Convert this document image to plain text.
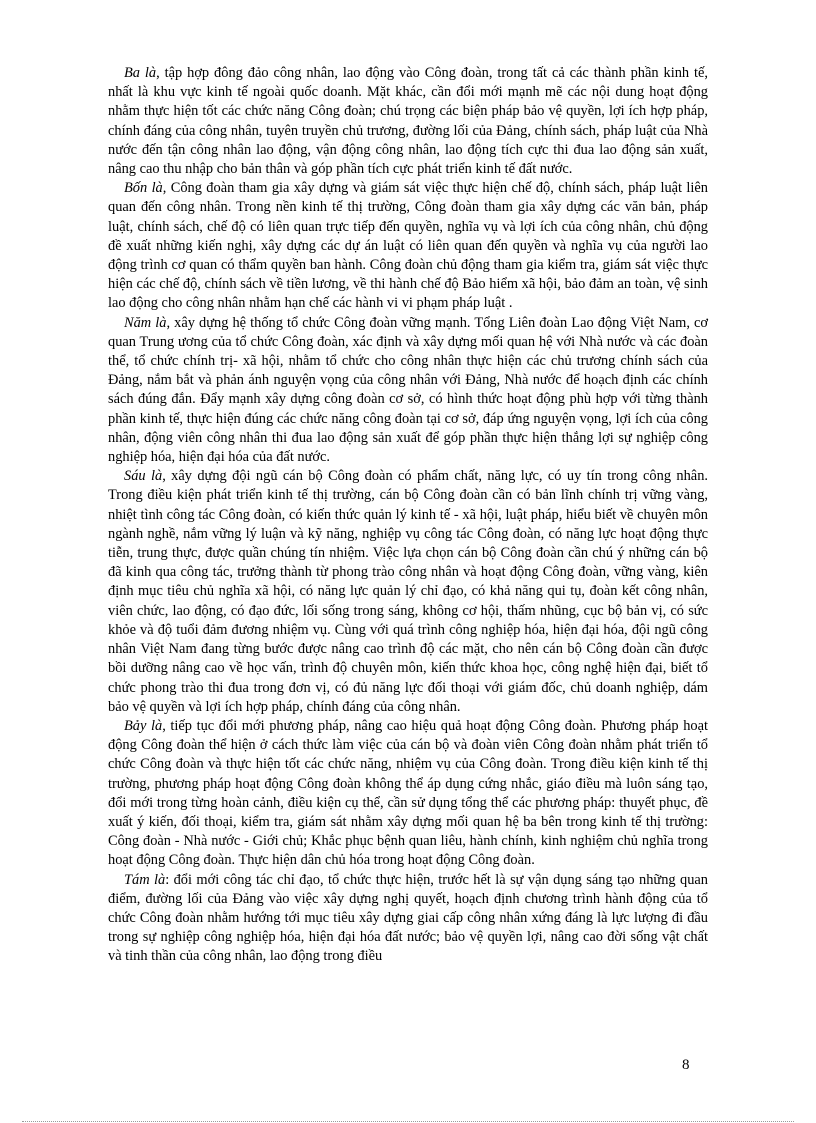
Ba là, tập hợp đông đảo công nhân, lao động vào Công đoàn, trong tất cả các thành phần kinh tế, nhất là khu vực kinh tế ngoài quốc doanh. Mặt khác, cần đổi mới mạnh mẽ các nội dung hoạt động nhằm thực hiện tốt các chức năng Công đoàn; chú trọng các biện pháp bảo vệ quyền, lợi ích hợp pháp, chính đáng của công nhân, tuyên truyền chủ trương, đường lối của Đảng, chính sách, pháp luật của Nhà nước đến tận công nhân lao động, vận động công nhân, lao động tích cực thi đua lao động sản xuất, nâng cao thu nhập cho bản thân và góp phần tích cực phát triển kinh tế đất nước.

Bốn là, Công đoàn tham gia xây dựng và giám sát việc thực hiện chế độ, chính sách, pháp luật liên quan đến công nhân. Trong nền kinh tế thị trường, Công đoàn tham gia xây dựng các văn bản, pháp luật, chính sách, chế độ có liên quan trực tiếp đến quyền, nghĩa vụ và lợi ích của công nhân, chủ động đề xuất những kiến nghị, xây dựng các dự án luật có liên quan đến quyền và nghĩa vụ của người lao động trình cơ quan có thẩm quyền ban hành. Công đoàn chủ động tham gia kiểm tra, giám sát việc thực hiện các chế độ, chính sách về tiền lương, về thi hành chế độ Bảo hiểm xã hội, bảo đảm an toàn, vệ sinh lao động cho công nhân nhằm hạn chế các hành vi vi phạm pháp luật .

Năm là, xây dựng hệ thống tổ chức Công đoàn vững mạnh. Tổng Liên đoàn Lao động Việt Nam, cơ quan Trung ương của tổ chức Công đoàn, xác định và xây dựng mối quan hệ với Nhà nước và các đoàn thể, tổ chức chính trị- xã hội, nhằm tổ chức cho công nhân thực hiện các chủ trương chính sách của Đảng, nắm bắt và phản ánh nguyện vọng của công nhân với Đảng, Nhà nước để hoạch định các chính sách đúng đắn. Đẩy mạnh xây dựng công đoàn cơ sở, có hình thức hoạt động phù hợp với từng thành phần kinh tế, thực hiện đúng các chức năng công đoàn tại cơ sở, đáp ứng nguyện vọng, lợi ích của công nhân, động viên công nhân thi đua lao động sản xuất để góp phần thực hiện thắng lợi sự nghiệp công nghiệp hóa, hiện đại hóa của đất nước.

Sáu là, xây dựng đội ngũ cán bộ Công đoàn có phẩm chất, năng lực, có uy tín trong công nhân. Trong điều kiện phát triển kinh tế thị trường, cán bộ Công đoàn cần có bản lĩnh chính trị vững vàng, nhiệt tình công tác Công đoàn, có kiến thức quản lý kinh tế - xã hội, luật pháp, hiểu biết về chuyên môn ngành nghề, nắm vững lý luận và kỹ năng, nghiệp vụ công tác Công đoàn, có năng lực hoạt động thực tiễn, trung thực, được quần chúng tín nhiệm. Việc lựa chọn cán bộ Công đoàn cần chú ý những cán bộ đã kinh qua công tác, trưởng thành từ phong trào công nhân và hoạt động Công đoàn, vững vàng, kiên định mục tiêu chủ nghĩa xã hội, có năng lực quản lý chỉ đạo, có khả năng qui tụ, đoàn kết công nhân, viên chức, lao động, có đạo đức, lối sống trong sáng, không cơ hội, thấm nhũng, cục bộ bản vị, có sức khỏe và độ tuổi đảm đương nhiệm vụ. Cùng với quá trình công nghiệp hóa, hiện đại hóa, đội ngũ công nhân Việt Nam đang từng bước được nâng cao trình độ các mặt, cho nên cán bộ Công đoàn cần được bồi dưỡng nâng cao về học vấn, trình độ chuyên môn, kiến thức khoa học, công nghệ hiện đại, biết tổ chức phong trào thi đua trong đơn vị, có đủ năng lực đối thoại với giám đốc, chủ doanh nghiệp, dám bảo vệ quyền và lợi ích hợp pháp, chính đáng của công nhân.

Bảy là, tiếp tục đổi mới phương pháp, nâng cao hiệu quả hoạt động Công đoàn. Phương pháp hoạt động Công đoàn thể hiện ở cách thức làm việc của cán bộ và đoàn viên Công đoàn nhằm phát triển tổ chức Công đoàn và thực hiện tốt các chức năng, nhiệm vụ của Công đoàn. Trong điều kiện kinh tế thị trường, phương pháp hoạt động Công đoàn không thể áp dụng cứng nhắc, giáo điều mà luôn sáng tạo, đổi mới trong từng hoàn cảnh, điều kiện cụ thể, cần sử dụng tổng thể các phương pháp: thuyết phục, đề xuất ý kiến, đối thoại, kiểm tra, giám sát nhằm xây dựng mối quan hệ ba bên trong kinh tế thị trường: Công đoàn - Nhà nước - Giới chủ; Khắc phục bệnh quan liêu, hành chính, kinh nghiệm chủ nghĩa trong hoạt động Công đoàn. Thực hiện dân chủ hóa trong hoạt động Công đoàn.

Tám là: đổi mới công tác chỉ đạo, tổ chức thực hiện, trước hết là sự vận dụng sáng tạo những quan điểm, đường lối của Đảng vào việc xây dựng nghị quyết, hoạch định chương trình hành động của tổ chức Công đoàn nhằm hướng tới mục tiêu xây dựng giai cấp công nhân xứng đáng là lực lượng đi đầu trong sự nghiệp công nghiệp hóa, hiện đại hóa đất nước; bảo vệ quyền lợi, nâng cao đời sống vật chất và tinh thần của công nhân, lao động trong điều

8
